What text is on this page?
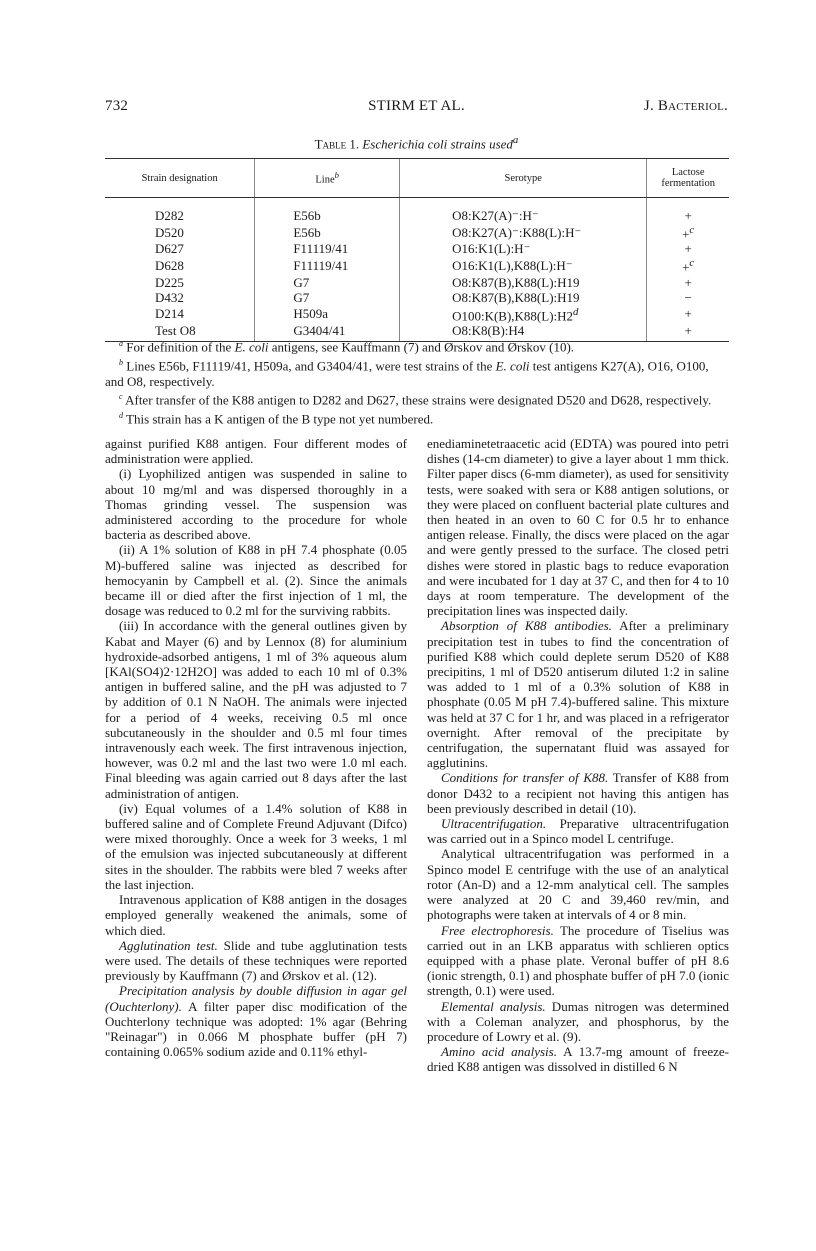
732	STIRM ET AL.	J. Bacteriol.
Table 1. Escherichia coli strains used$^a$
Strain designation	Line$^b$	Serotype	Lactose fermentation
D282	E56b	O8:K27(A)⁻:H⁻	+
D520	E56b	O8:K27(A)⁻:K88(L):H⁻	+$^c$
D627	F11119/41	O16:K1(L):H⁻	+
D628	F11119/41	O16:K1(L),K88(L):H⁻	+$^c$
D225	G7	O8:K87(B),K88(L):H19	+
D432	G7	O8:K87(B),K88(L):H19	−
D214	H509a	$O100:K(B),K88(L):H2^d$	+
Test O8	G3404/41	O8:K8(B):H4	+

$^a$ For definition of the E. coli antigens, see Kauffmann (7) and Ørskov and Ørskov (10).

$^b$ Lines E56b, F11119/41, H509a, and G3404/41, were test strains of the E. coli test antigens K27(A), O16, O100, and O8, respectively.

$^c$ After transfer of the K88 antigen to D282 and D627, these strains were designated D520 and D628, respectively.

$^d$ This strain has a K antigen of the B type not yet numbered.

against purified K88 antigen. Four different modes of administration were applied.

(i) Lyophilized antigen was suspended in saline to about 10 mg/ml and was dispersed thoroughly in a Thomas grinding vessel. The suspension was administered according to the procedure for whole bacteria as described above.

(ii) A 1% solution of K88 in pH 7.4 phosphate (0.05 M)-buffered saline was injected as described for hemocyanin by Campbell et al. (2). Since the animals became ill or died after the first injection of 1 ml, the dosage was reduced to 0.2 ml for the surviving rabbits.

(iii) In accordance with the general outlines given by Kabat and Mayer (6) and by Lennox (8) for aluminium hydroxide-adsorbed antigens, 1 ml of 3% aqueous alum [KAl(SO4)2·12H2O] was added to each 10 ml of 0.3% antigen in buffered saline, and the pH was adjusted to 7 by addition of 0.1 N NaOH. The animals were injected for a period of 4 weeks, receiving 0.5 ml once subcutaneously in the shoulder and 0.5 ml four times intravenously each week. The first intravenous injection, however, was 0.2 ml and the last two were 1.0 ml each. Final bleeding was again carried out 8 days after the last administration of antigen.

(iv) Equal volumes of a 1.4% solution of K88 in buffered saline and of Complete Freund Adjuvant (Difco) were mixed thoroughly. Once a week for 3 weeks, 1 ml of the emulsion was injected subcutaneously at different sites in the shoulder. The rabbits were bled 7 weeks after the last injection.

Intravenous application of K88 antigen in the dosages employed generally weakened the animals, some of which died.

Agglutination test. Slide and tube agglutination tests were used. The details of these techniques were reported previously by Kauffmann (7) and Ørskov et al. (12).

Precipitation analysis by double diffusion in agar gel (Ouchterlony). A filter paper disc modification of the Ouchterlony technique was adopted: 1% agar (Behring "Reinagar") in 0.066 M phosphate buffer (pH 7) containing 0.065% sodium azide and 0.11% ethyl-

enediaminetetraacetic acid (EDTA) was poured into petri dishes (14-cm diameter) to give a layer about 1 mm thick. Filter paper discs (6-mm diameter), as used for sensitivity tests, were soaked with sera or K88 antigen solutions, or they were placed on confluent bacterial plate cultures and then heated in an oven to 60 C for 0.5 hr to enhance antigen release. Finally, the discs were placed on the agar and were gently pressed to the surface. The closed petri dishes were stored in plastic bags to reduce evaporation and were incubated for 1 day at 37 C, and then for 4 to 10 days at room temperature. The development of the precipitation lines was inspected daily.

Absorption of K88 antibodies. After a preliminary precipitation test in tubes to find the concentration of purified K88 which could deplete serum D520 of K88 precipitins, 1 ml of D520 antiserum diluted 1:2 in saline was added to 1 ml of a 0.3% solution of K88 in phosphate (0.05 M pH 7.4)-buffered saline. This mixture was held at 37 C for 1 hr, and was placed in a refrigerator overnight. After removal of the precipitate by centrifugation, the supernatant fluid was assayed for agglutinins.

Conditions for transfer of K88. Transfer of K88 from donor D432 to a recipient not having this antigen has been previously described in detail (10).

Ultracentrifugation. Preparative ultracentrifugation was carried out in a Spinco model L centrifuge.

Analytical ultracentrifugation was performed in a Spinco model E centrifuge with the use of an analytical rotor (An-D) and a 12-mm analytical cell. The samples were analyzed at 20 C and 39,460 rev/min, and photographs were taken at intervals of 4 or 8 min.

Free electrophoresis. The procedure of Tiselius was carried out in an LKB apparatus with schlieren optics equipped with a phase plate. Veronal buffer of pH 8.6 (ionic strength, 0.1) and phosphate buffer of pH 7.0 (ionic strength, 0.1) were used.

Elemental analysis. Dumas nitrogen was determined with a Coleman analyzer, and phosphorus, by the procedure of Lowry et al. (9).

Amino acid analysis. A 13.7-mg amount of freeze-dried K88 antigen was dissolved in distilled 6 N
